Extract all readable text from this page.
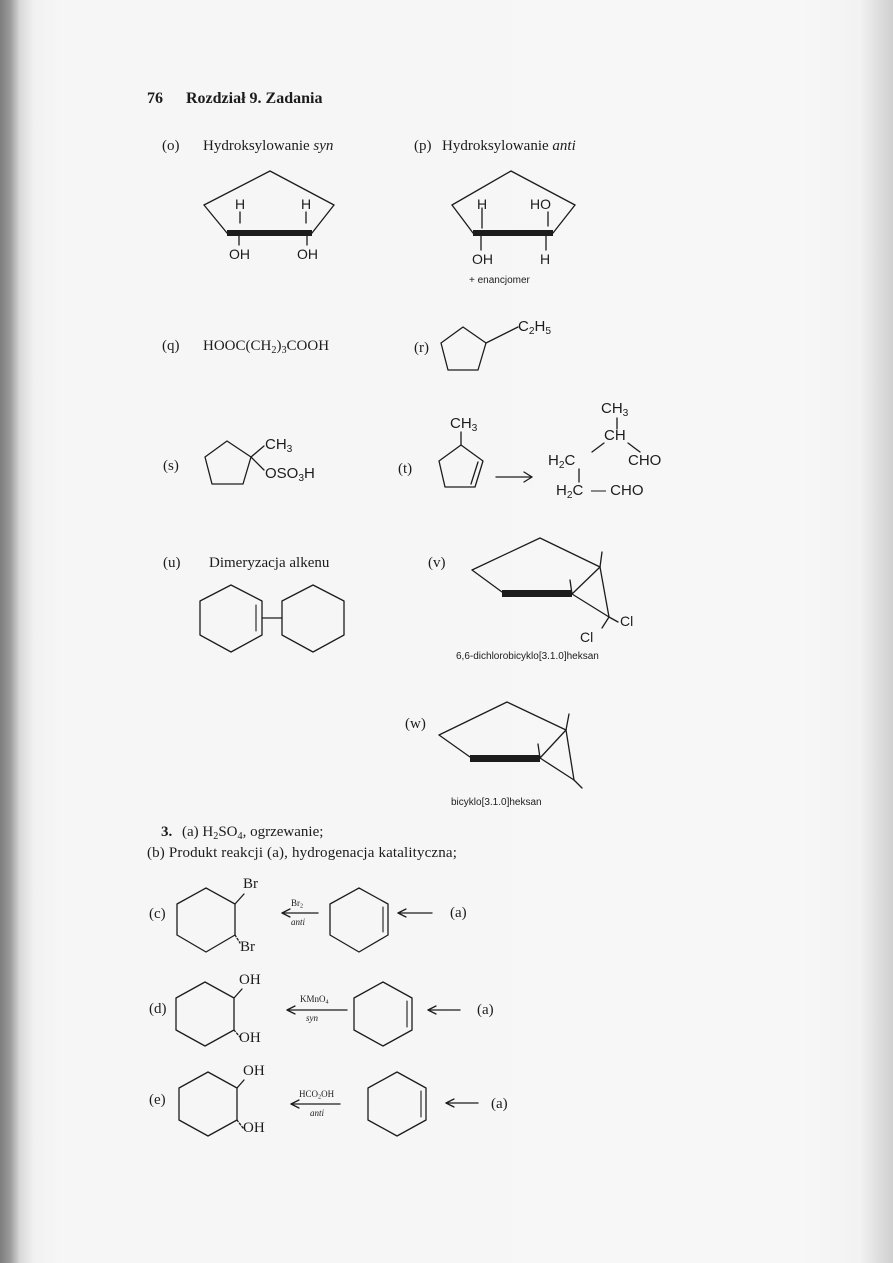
76 Rozdział 9. Zadania
(o) Hydroksylowanie syn
H	H
OH	OH
(p) Hydroksylowanie anti
H	HO
OH	H
+ enancjomer
(q) $HOOC(CH_2)_3COOH$	(r)
$C_2H_5$
(s)
$CH_3$
$OSO_3H$	(t)
$CH_3$
$CH_3$
CH
$H_2C$	CHO
$H_2C$ — CHO
(u) Dimeryzacja alkenu	(v)
Cl
Cl
6,6-dichlorobicyklo[3.1.0]heksan
(w)
bicyklo[3.1.0]heksan
3. (a) $H_2SO_4$, ogrzewanie;
(b) Produkt reakcji (a), hydrogenacja katalityczna;
(c)
Br
Br
$Br_2$
anti
(a)
(d)
OH
OH
KMnO$_4$
syn	(a)
(e)
OH
OH
$HCO_2OH$
anti
(a)
